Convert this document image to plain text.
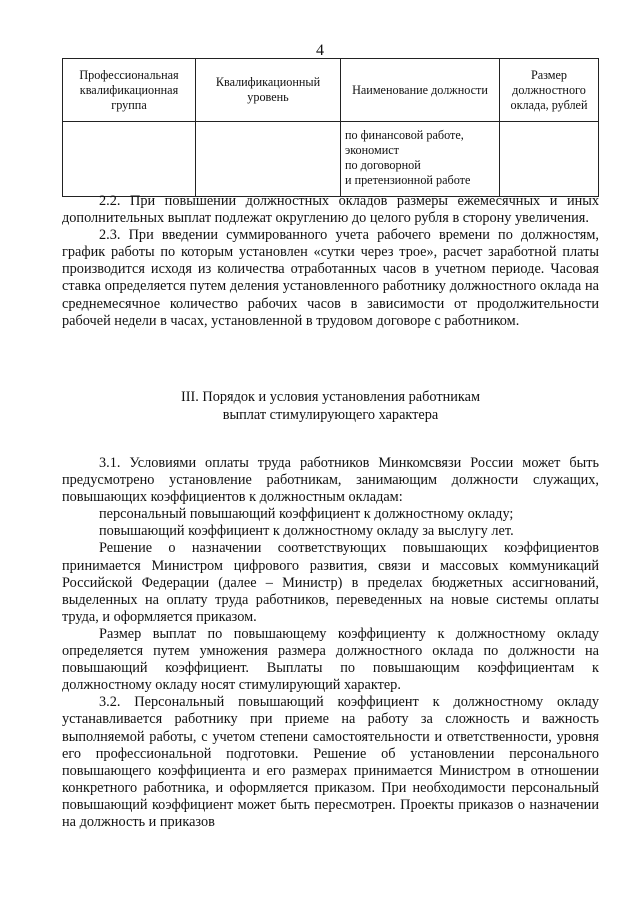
4
Профессиональная квалификационная группа	Квалификационный уровень	Наименование должности	Размер должностного оклада, рублей

		по финансовой работе,
экономист
по договорной
и претензионной работе	

2.2. При повышении должностных окладов размеры ежемесячных и иных дополнительных выплат подлежат округлению до целого рубля в сторону увеличения.

2.3. При введении суммированного учета рабочего времени по должностям, график работы по которым установлен «сутки через трое», расчет заработной платы производится исходя из количества отработанных часов в учетном периоде. Часовая ставка определяется путем деления установленного работнику должностного оклада на среднемесячное количество рабочих часов в зависимости от продолжительности рабочей недели в часах, установленной в трудовом договоре с работником.

III. Порядок и условия установления работникам
выплат стимулирующего характера

3.1. Условиями оплаты труда работников Минкомсвязи России может быть предусмотрено установление работникам, занимающим должности служащих, повышающих коэффициентов к должностным окладам:

персональный повышающий коэффициент к должностному окладу;

повышающий коэффициент к должностному окладу за выслугу лет.

Решение о назначении соответствующих повышающих коэффициентов принимается Министром цифрового развития, связи и массовых коммуникаций Российской Федерации (далее – Министр) в пределах бюджетных ассигнований, выделенных на оплату труда работников, переведенных на новые системы оплаты труда, и оформляется приказом.

Размер выплат по повышающему коэффициенту к должностному окладу определяется путем умножения размера должностного оклада по должности на повышающий коэффициент. Выплаты по повышающим коэффициентам к должностному окладу носят стимулирующий характер.

3.2. Персональный повышающий коэффициент к должностному окладу устанавливается работнику при приеме на работу за сложность и важность выполняемой работы, с учетом степени самостоятельности и ответственности, уровня его профессиональной подготовки. Решение об установлении персонального повышающего коэффициента и его размерах принимается Министром в отношении конкретного работника, и оформляется приказом. При необходимости персональный повышающий коэффициент может быть пересмотрен. Проекты приказов о назначении на должность и приказов
